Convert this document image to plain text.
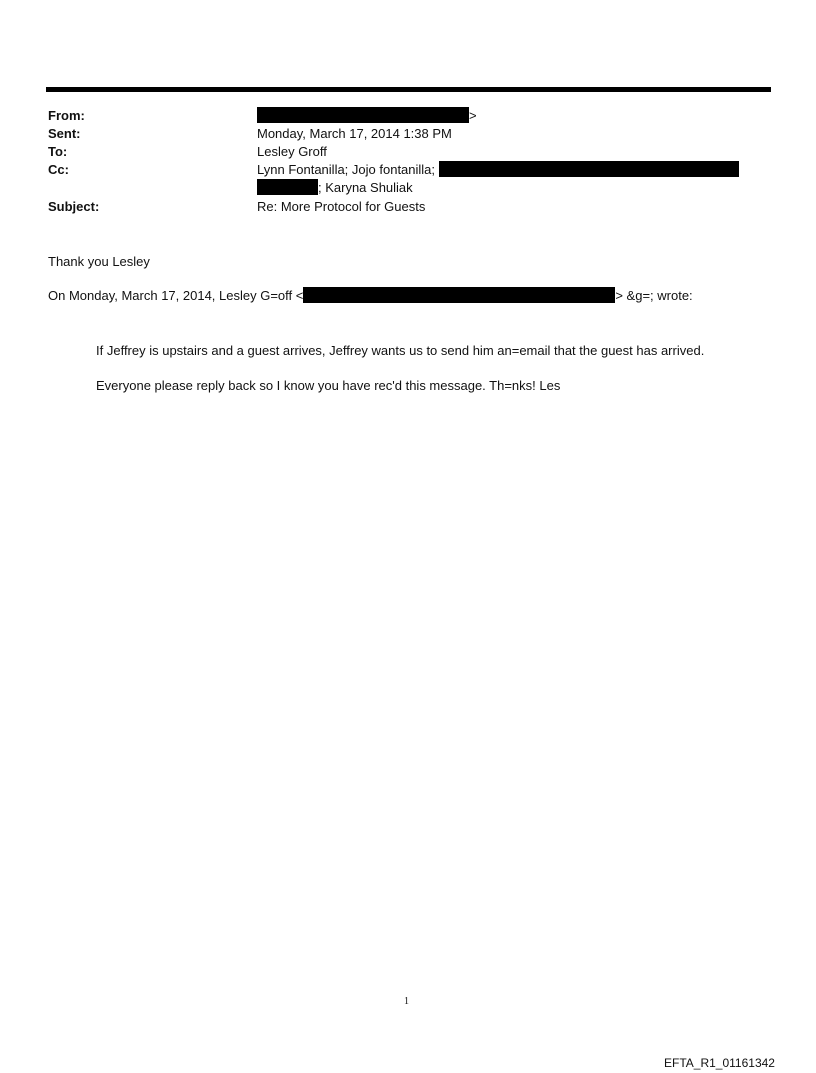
From:	>
Sent:	Monday, March 17, 2014 1:38 PM
To:	Lesley Groff
Cc:	Lynn Fontanilla; Jojo fontanilla;
; Karyna Shuliak
Subject:	Re: More Protocol for Guests
Thank you Lesley
On Monday, March 17, 2014, Lesley G=off <	> &g=; wrote:
If Jeffrey is upstairs and a guest arrives, Jeffrey wants us to send him an=email that the guest has arrived.
Everyone please reply back so I know you have rec'd this message. Th=nks! Les
1
EFTA_R1_01161342
